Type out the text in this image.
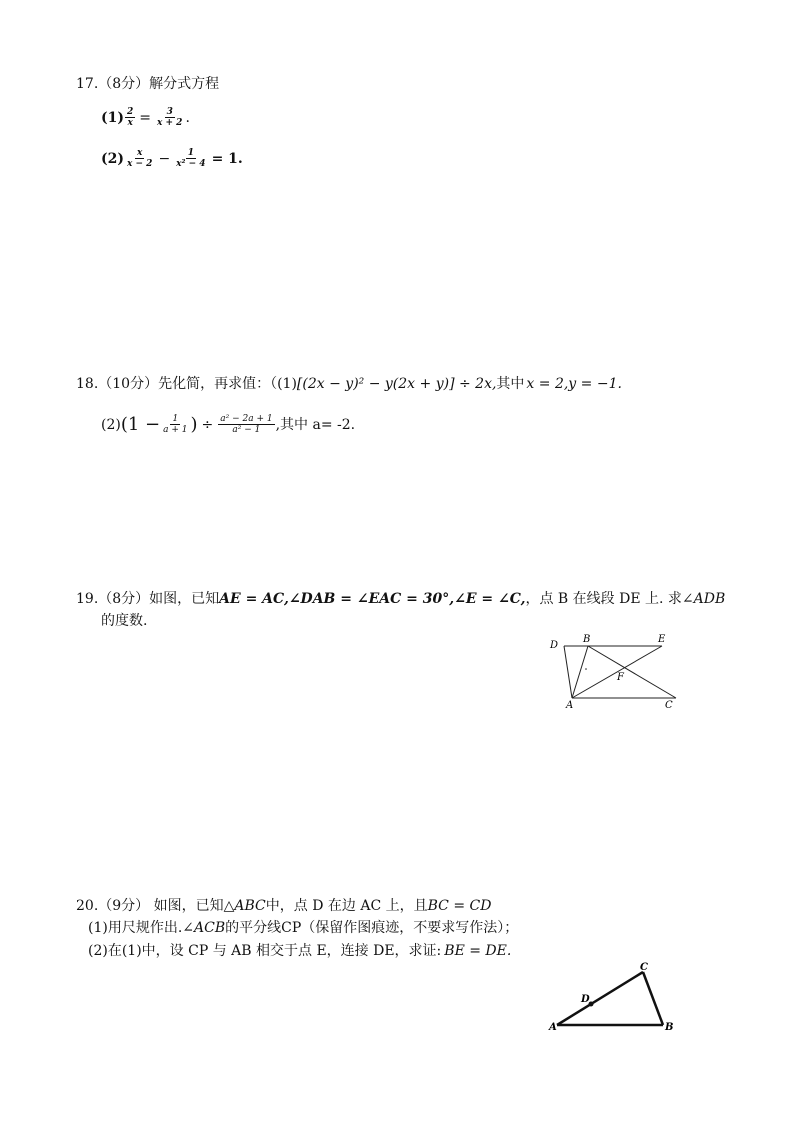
17.（8分）解分式方程
$(1) \frac{2}{x} = \frac{3}{x + 2}$ .
$(2) \frac{x}{x - 2} - \frac{1}{\text{x² − 4}} = 1$.
18.（10分）先化简，再求值：（(1)[(2x − y)² − y(2x + y)] ÷ 2x,其中 x = 2,y = −1.
(2) ($1 - \frac{1}{a + 1}$ ) ÷ $\frac{\text{a² − 2a + 1}}{\text{a² − 1}}$ ,其中 a= -2.
19.（8分）如图，已知AE = AC,∠DAB = ∠EAC = 30°,∠E = ∠C,，点 B 在线段 DE 上. 求∠ADB
的度数.
D
B	E
F
A	C
20.（9分） 如图，已知△ABC中，点 D 在边 AC 上，且BC = CD
(1)用尺规作出.∠ACB的平分线CP（保留作图痕迹，不要求写作法）；
(2)在(1)中，设 CP 与 AB 相交于点 E，连接 DE，求证: BE = DE.
C
D
A	B
